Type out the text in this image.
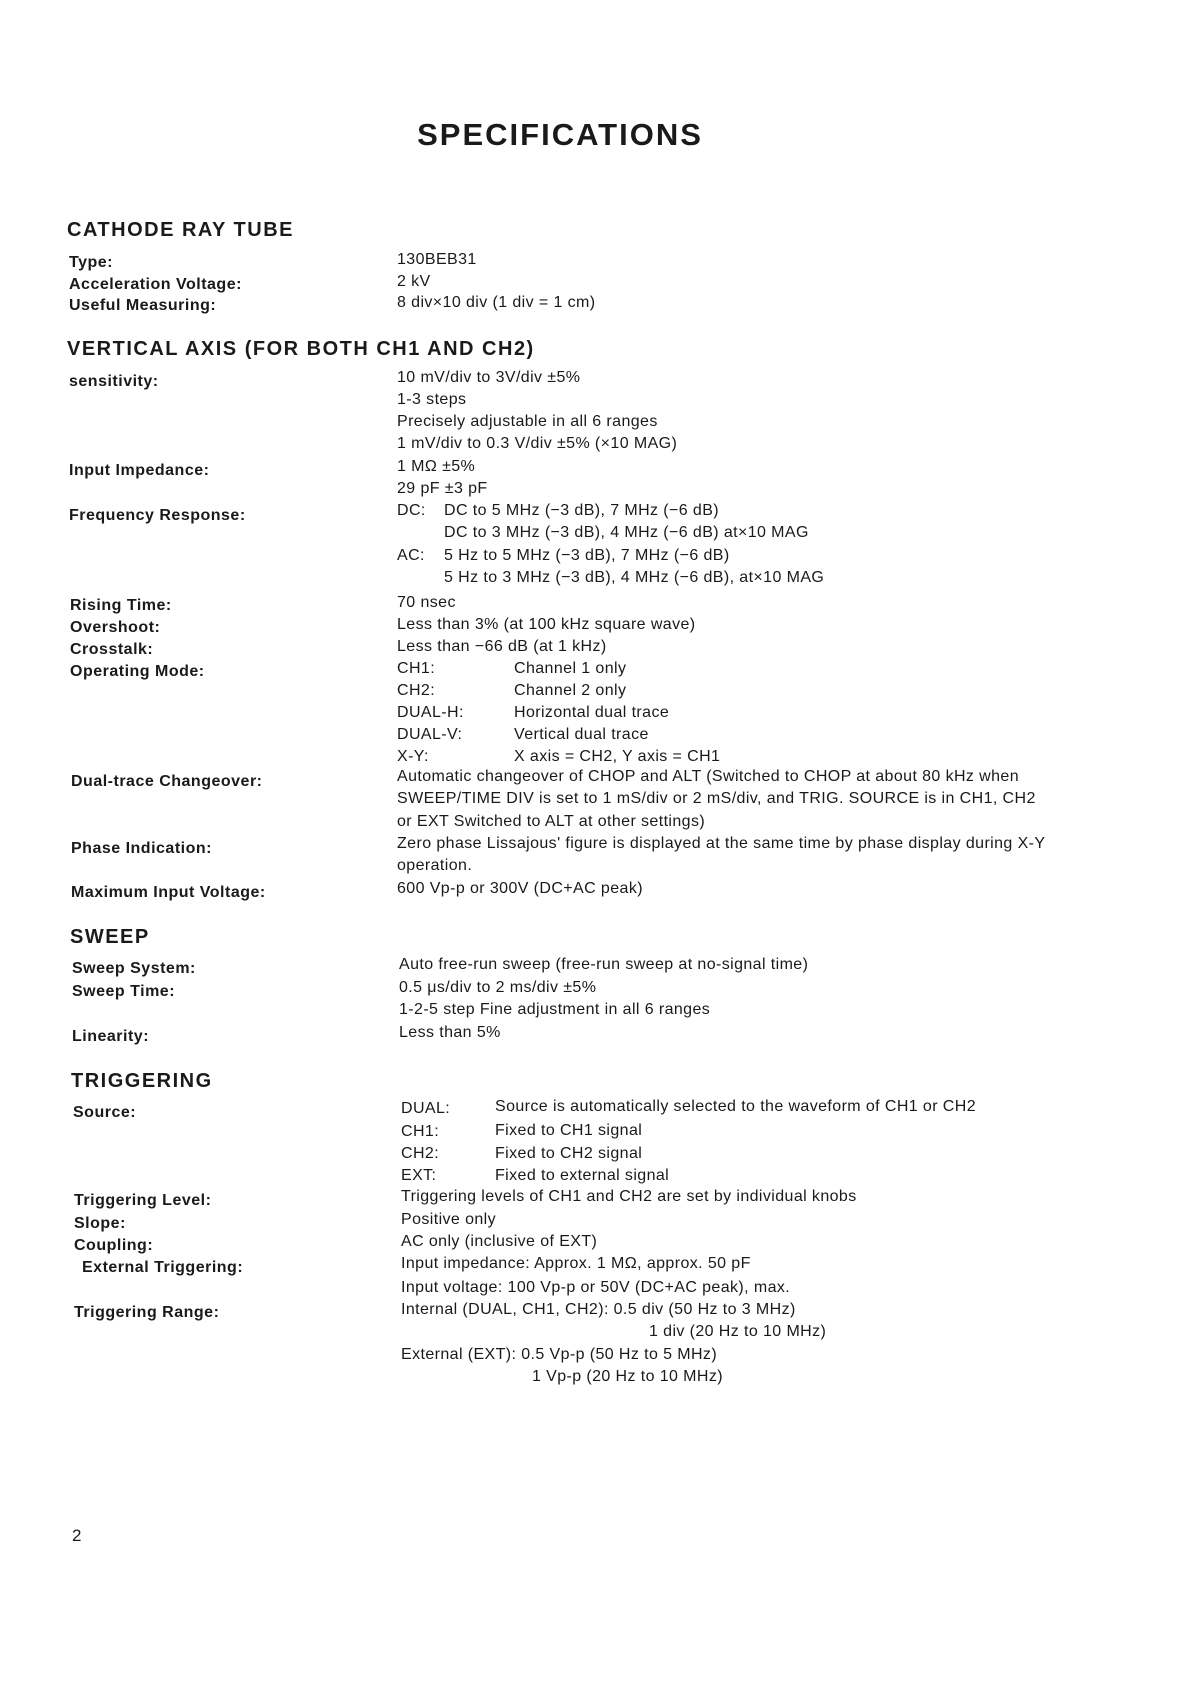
SPECIFICATIONS
CATHODE RAY TUBE
Type:	130BEB31
Acceleration Voltage:	2 kV
Useful Measuring:	8 div×10 div (1 div = 1 cm)
VERTICAL AXIS (FOR BOTH CH1 AND CH2)
sensitivity:	10 mV/div to 3V/div ±5%
1-3 steps
Precisely adjustable in all 6 ranges
1 mV/div to 0.3 V/div ±5% (×10 MAG)
Input Impedance:	1 MΩ ±5%
29 pF ±3 pF
Frequency Response:	DC: DC to 5 MHz (−3 dB), 7 MHz (−6 dB)
DC to 3 MHz (−3 dB), 4 MHz (−6 dB) at×10 MAG
AC: 5 Hz to 5 MHz (−3 dB), 7 MHz (−6 dB)
5 Hz to 3 MHz (−3 dB), 4 MHz (−6 dB), at×10 MAG
Rising Time:	70 nsec
Overshoot:	Less than 3% (at 100 kHz square wave)
Crosstalk:	Less than −66 dB (at 1 kHz)
Operating Mode:	CH1:	Channel 1 only
CH2:	Channel 2 only
DUAL-H:	Horizontal dual trace
DUAL-V:	Vertical dual trace
X-Y:	X axis = CH2, Y axis = CH1
Dual-trace Changeover:	Automatic changeover of CHOP and ALT (Switched to CHOP at about 80 kHz when
SWEEP/TIME DIV is set to 1 mS/div or 2 mS/div, and TRIG. SOURCE is in CH1, CH2
or EXT Switched to ALT at other settings)
Phase Indication:	Zero phase Lissajous' figure is displayed at the same time by phase display during X-Y
operation.
Maximum Input Voltage:	600 Vp-p or 300V (DC+AC peak)
SWEEP
Sweep System:	Auto free-run sweep (free-run sweep at no-signal time)
Sweep Time:	0.5 μs/div to 2 ms/div ±5%
1-2-5 step Fine adjustment in all 6 ranges
Linearity:	Less than 5%
TRIGGERING
Source:	DUAL:	Source is automatically selected to the waveform of CH1 or CH2
CH1:	Fixed to CH1 signal
CH2:	Fixed to CH2 signal
EXT:	Fixed to external signal
Triggering Level:	Triggering levels of CH1 and CH2 are set by individual knobs
Slope:	Positive only
Coupling:	AC only (inclusive of EXT)
External Triggering:	Input impedance: Approx. 1 MΩ, approx. 50 pF
Input voltage: 100 Vp-p or 50V (DC+AC peak), max.
Triggering Range:	Internal (DUAL, CH1, CH2): 0.5 div (50 Hz to 3 MHz)
1 div (20 Hz to 10 MHz)
External (EXT): 0.5 Vp-p (50 Hz to 5 MHz)
1 Vp-p (20 Hz to 10 MHz)
2
